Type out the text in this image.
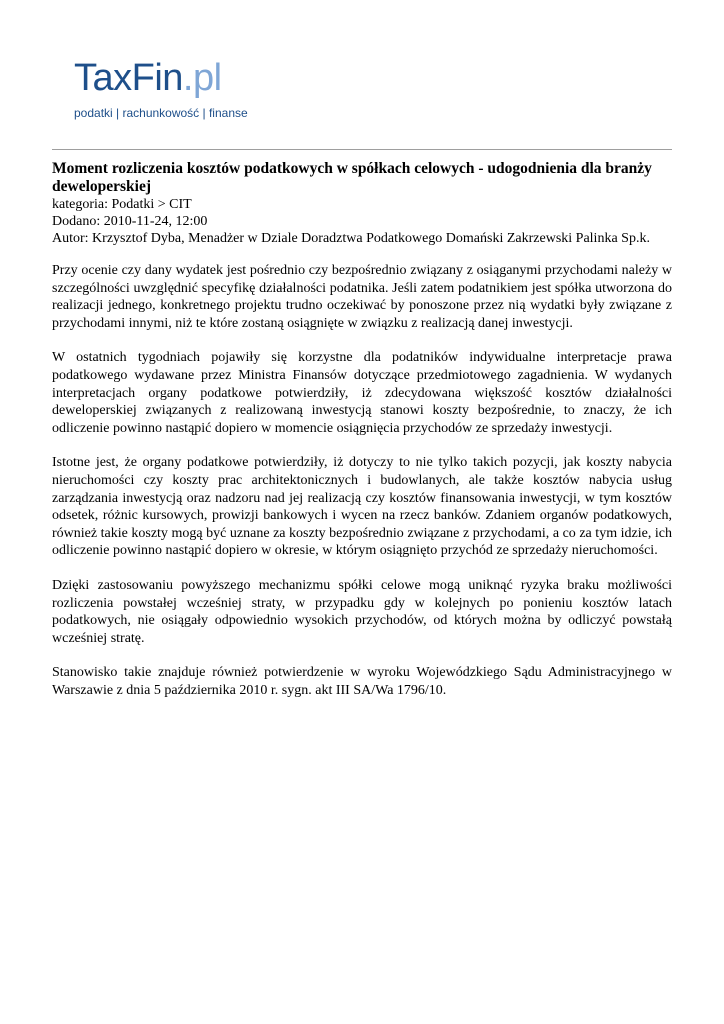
TaxFin.pl
podatki | rachunkowość | finanse
Moment rozliczenia kosztów podatkowych w spółkach celowych - udogodnienia dla branży deweloperskiej

kategoria: Podatki > CIT

Dodano: 2010-11-24, 12:00

Autor: Krzysztof Dyba, Menadżer w Dziale Doradztwa Podatkowego Domański Zakrzewski Palinka Sp.k.

Przy ocenie czy dany wydatek jest pośrednio czy bezpośrednio związany z osiąganymi przychodami należy w szczególności uwzględnić specyfikę działalności podatnika. Jeśli zatem podatnikiem jest spółka utworzona do realizacji jednego, konkretnego projektu trudno oczekiwać by ponoszone przez nią wydatki były związane z przychodami innymi, niż te które zostaną osiągnięte w związku z realizacją danej inwestycji.

W ostatnich tygodniach pojawiły się korzystne dla podatników indywidualne interpretacje prawa podatkowego wydawane przez Ministra Finansów dotyczące przedmiotowego zagadnienia. W wydanych interpretacjach organy podatkowe potwierdziły, iż zdecydowana większość kosztów działalności deweloperskiej związanych z realizowaną inwestycją stanowi koszty bezpośrednie, to znaczy, że ich odliczenie powinno nastąpić dopiero w momencie osiągnięcia przychodów ze sprzedaży inwestycji.

Istotne jest, że organy podatkowe potwierdziły, iż dotyczy to nie tylko takich pozycji, jak koszty nabycia nieruchomości czy koszty prac architektonicznych i budowlanych, ale także kosztów nabycia usług zarządzania inwestycją oraz nadzoru nad jej realizacją czy kosztów finansowania inwestycji, w tym kosztów odsetek, różnic kursowych, prowizji bankowych i wycen na rzecz banków. Zdaniem organów podatkowych, również takie koszty mogą być uznane za koszty bezpośrednio związane z przychodami, a co za tym idzie, ich odliczenie powinno nastąpić dopiero w okresie, w którym osiągnięto przychód ze sprzedaży nieruchomości.

Dzięki zastosowaniu powyższego mechanizmu spółki celowe mogą uniknąć ryzyka braku możliwości rozliczenia powstałej wcześniej straty, w przypadku gdy w kolejnych po ponieniu kosztów latach podatkowych, nie osiągały odpowiednio wysokich przychodów, od których można by odliczyć powstałą wcześniej stratę.

Stanowisko takie znajduje również potwierdzenie w wyroku Wojewódzkiego Sądu Administracyjnego w Warszawie z dnia 5 października 2010 r. sygn. akt III SA/Wa 1796/10.
